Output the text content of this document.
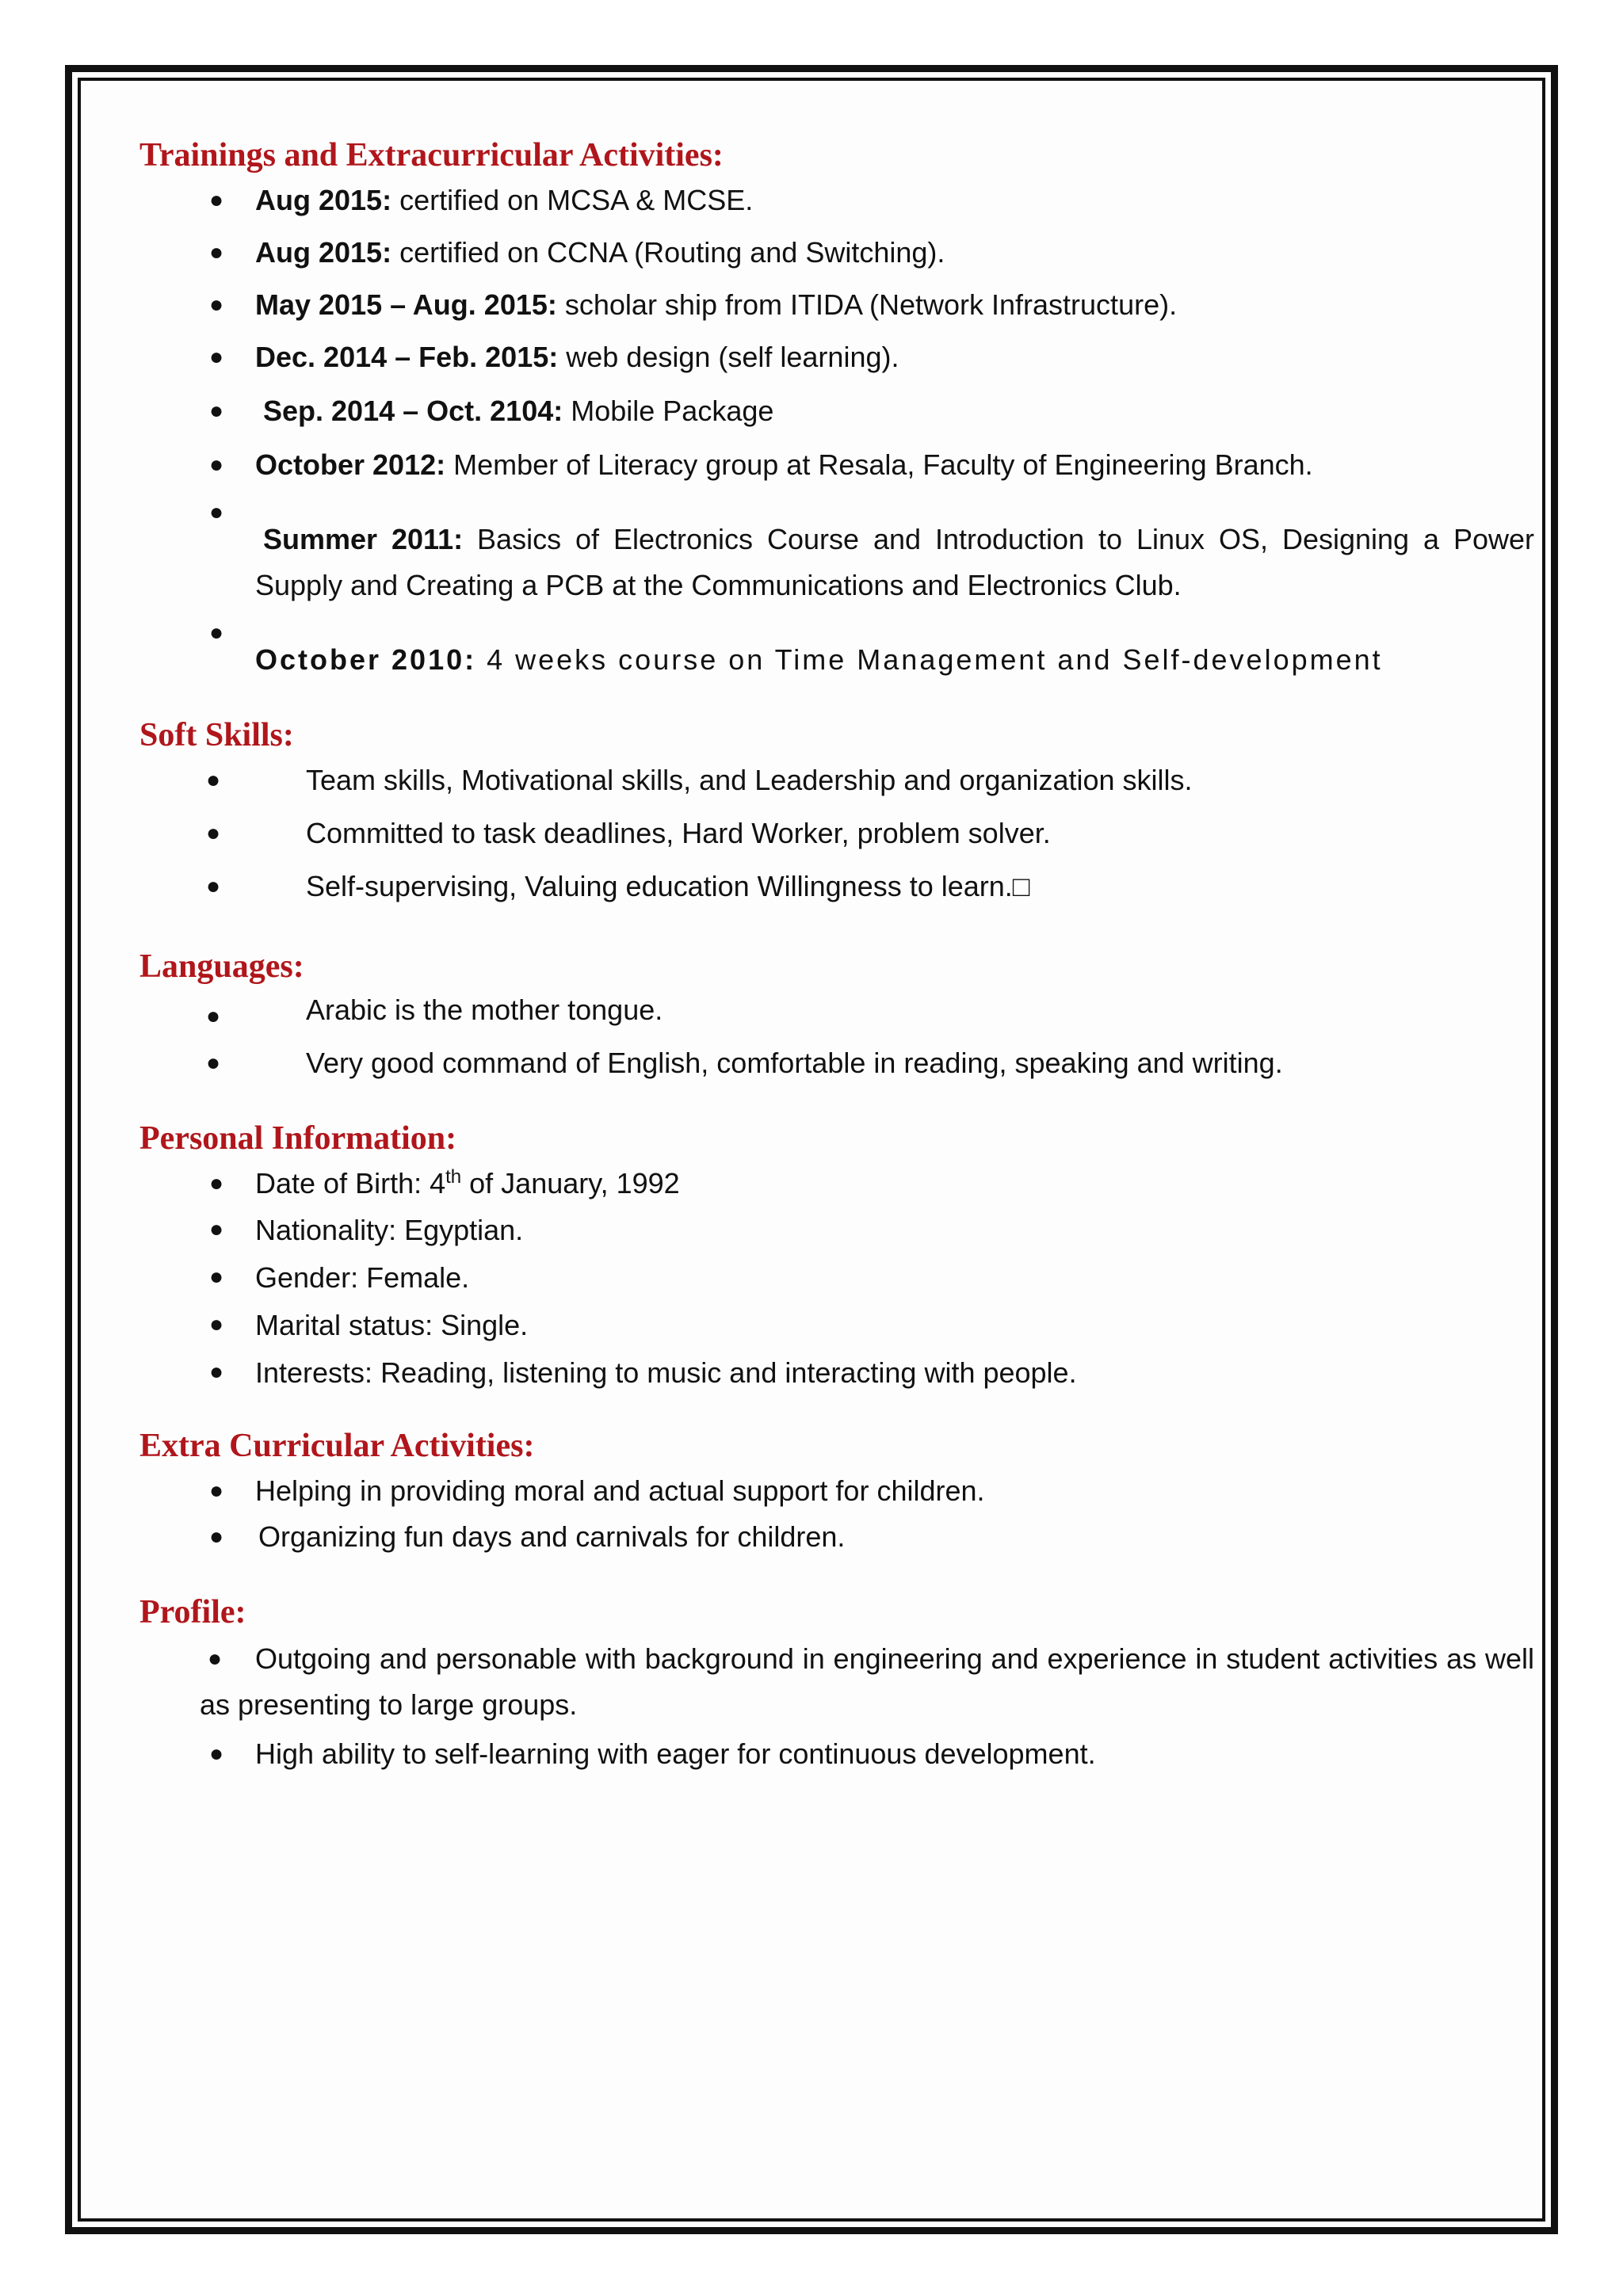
Trainings and Extracurricular Activities:
● Aug 2015: certified on MCSA & MCSE.
● Aug 2015: certified on CCNA (Routing and Switching).
● May 2015 – Aug. 2015: scholar ship from ITIDA (Network Infrastructure).
● Dec. 2014 – Feb. 2015: web design (self learning).
● Sep. 2014 – Oct. 2104: Mobile Package
● October 2012: Member of Literacy group at Resala, Faculty of Engineering Branch.
●
Summer 2011: Basics of Electronics Course and Introduction to Linux OS, Designing a Power Supply and Creating a PCB at the Communications and Electronics Club.
●
October 2010: 4 weeks course on Time Management and Self-development
Soft Skills:
●	Team skills, Motivational skills, and Leadership and organization skills.
●	Committed to task deadlines, Hard Worker, problem solver.
●	Self-supervising, Valuing education Willingness to learn.□
Languages:
●	Arabic is the mother tongue.
●	Very good command of English, comfortable in reading, speaking and writing.
Personal Information:
● Date of Birth: 4th of January, 1992
● Nationality: Egyptian.
● Gender: Female.
● Marital status: Single.
● Interests: Reading, listening to music and interacting with people.
Extra Curricular Activities:
● Helping in providing moral and actual support for children.
● Organizing fun days and carnivals for children.
Profile:
● Outgoing and personable with background in engineering and experience in student activities as well as presenting to large groups.
● High ability to self-learning with eager for continuous development.
